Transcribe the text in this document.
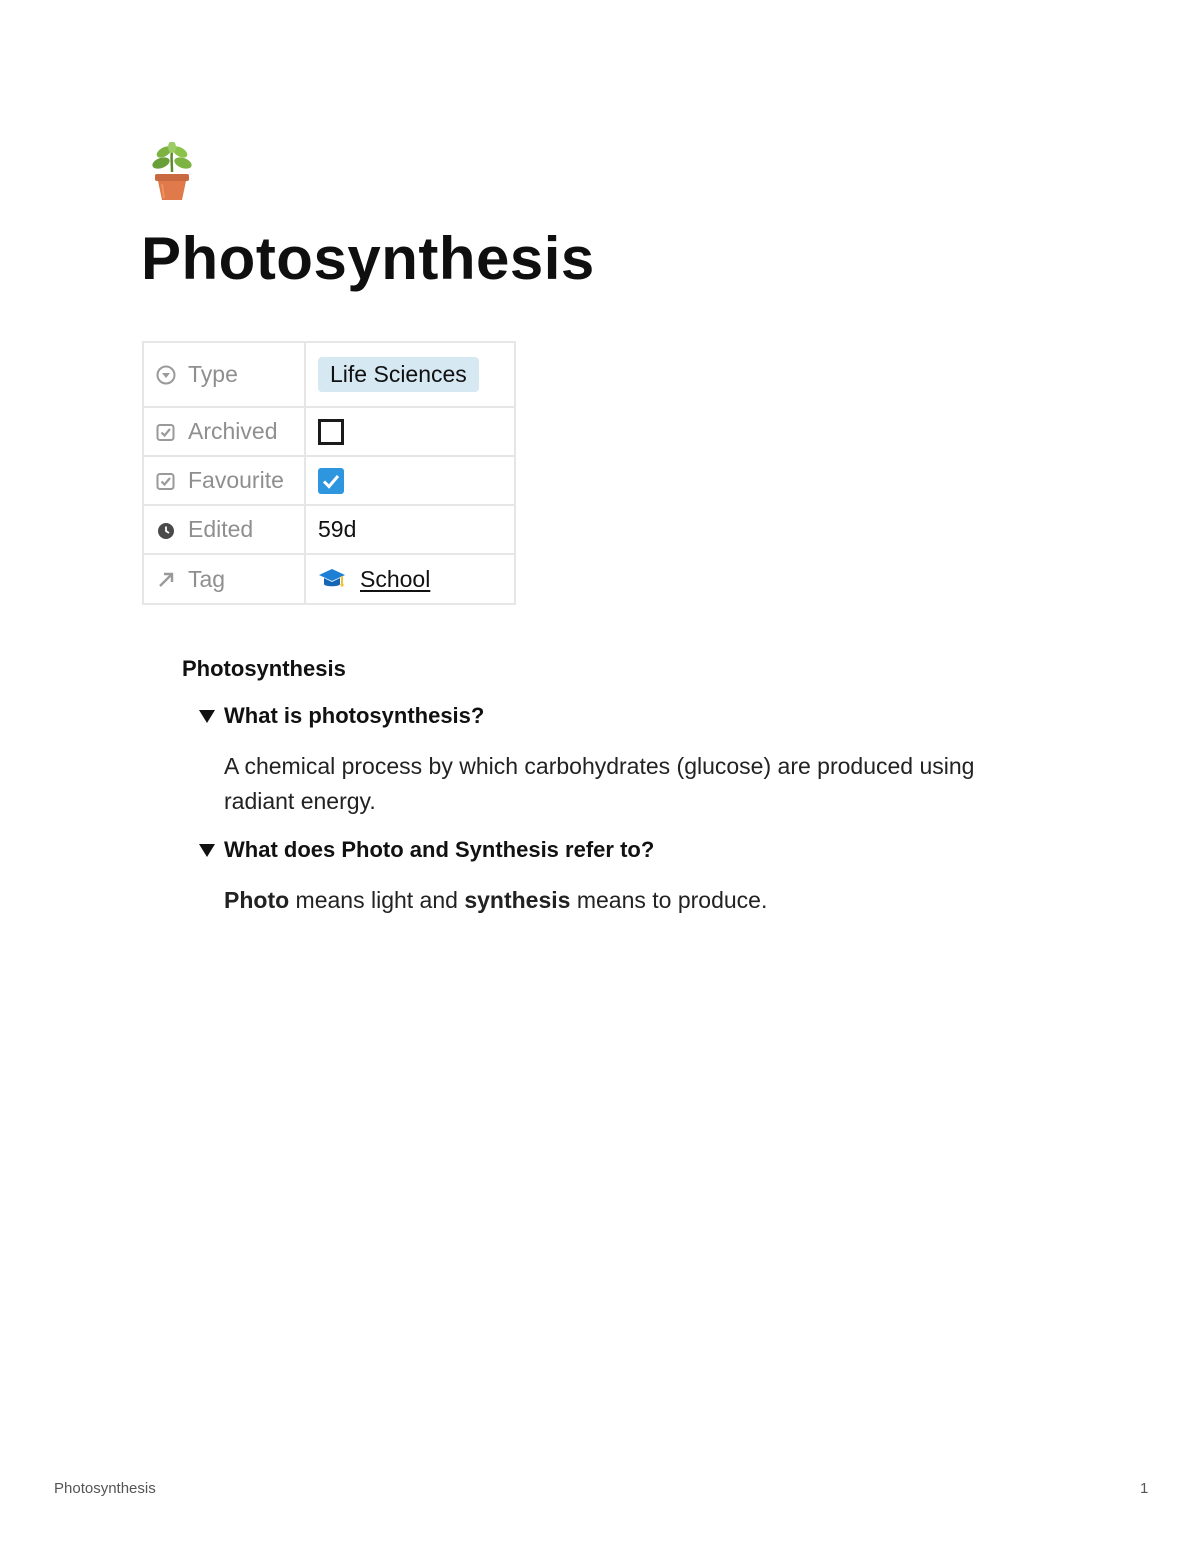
Photosynthesis
Type	Life Sciences

Archived	

Favourite

Edited	59d

Tag	School
Photosynthesis
What is photosynthesis?
A chemical process by which carbohydrates (glucose) are produced using radiant energy.
What does Photo and Synthesis refer to?
Photo means light and synthesis means to produce.
Photosynthesis	1
